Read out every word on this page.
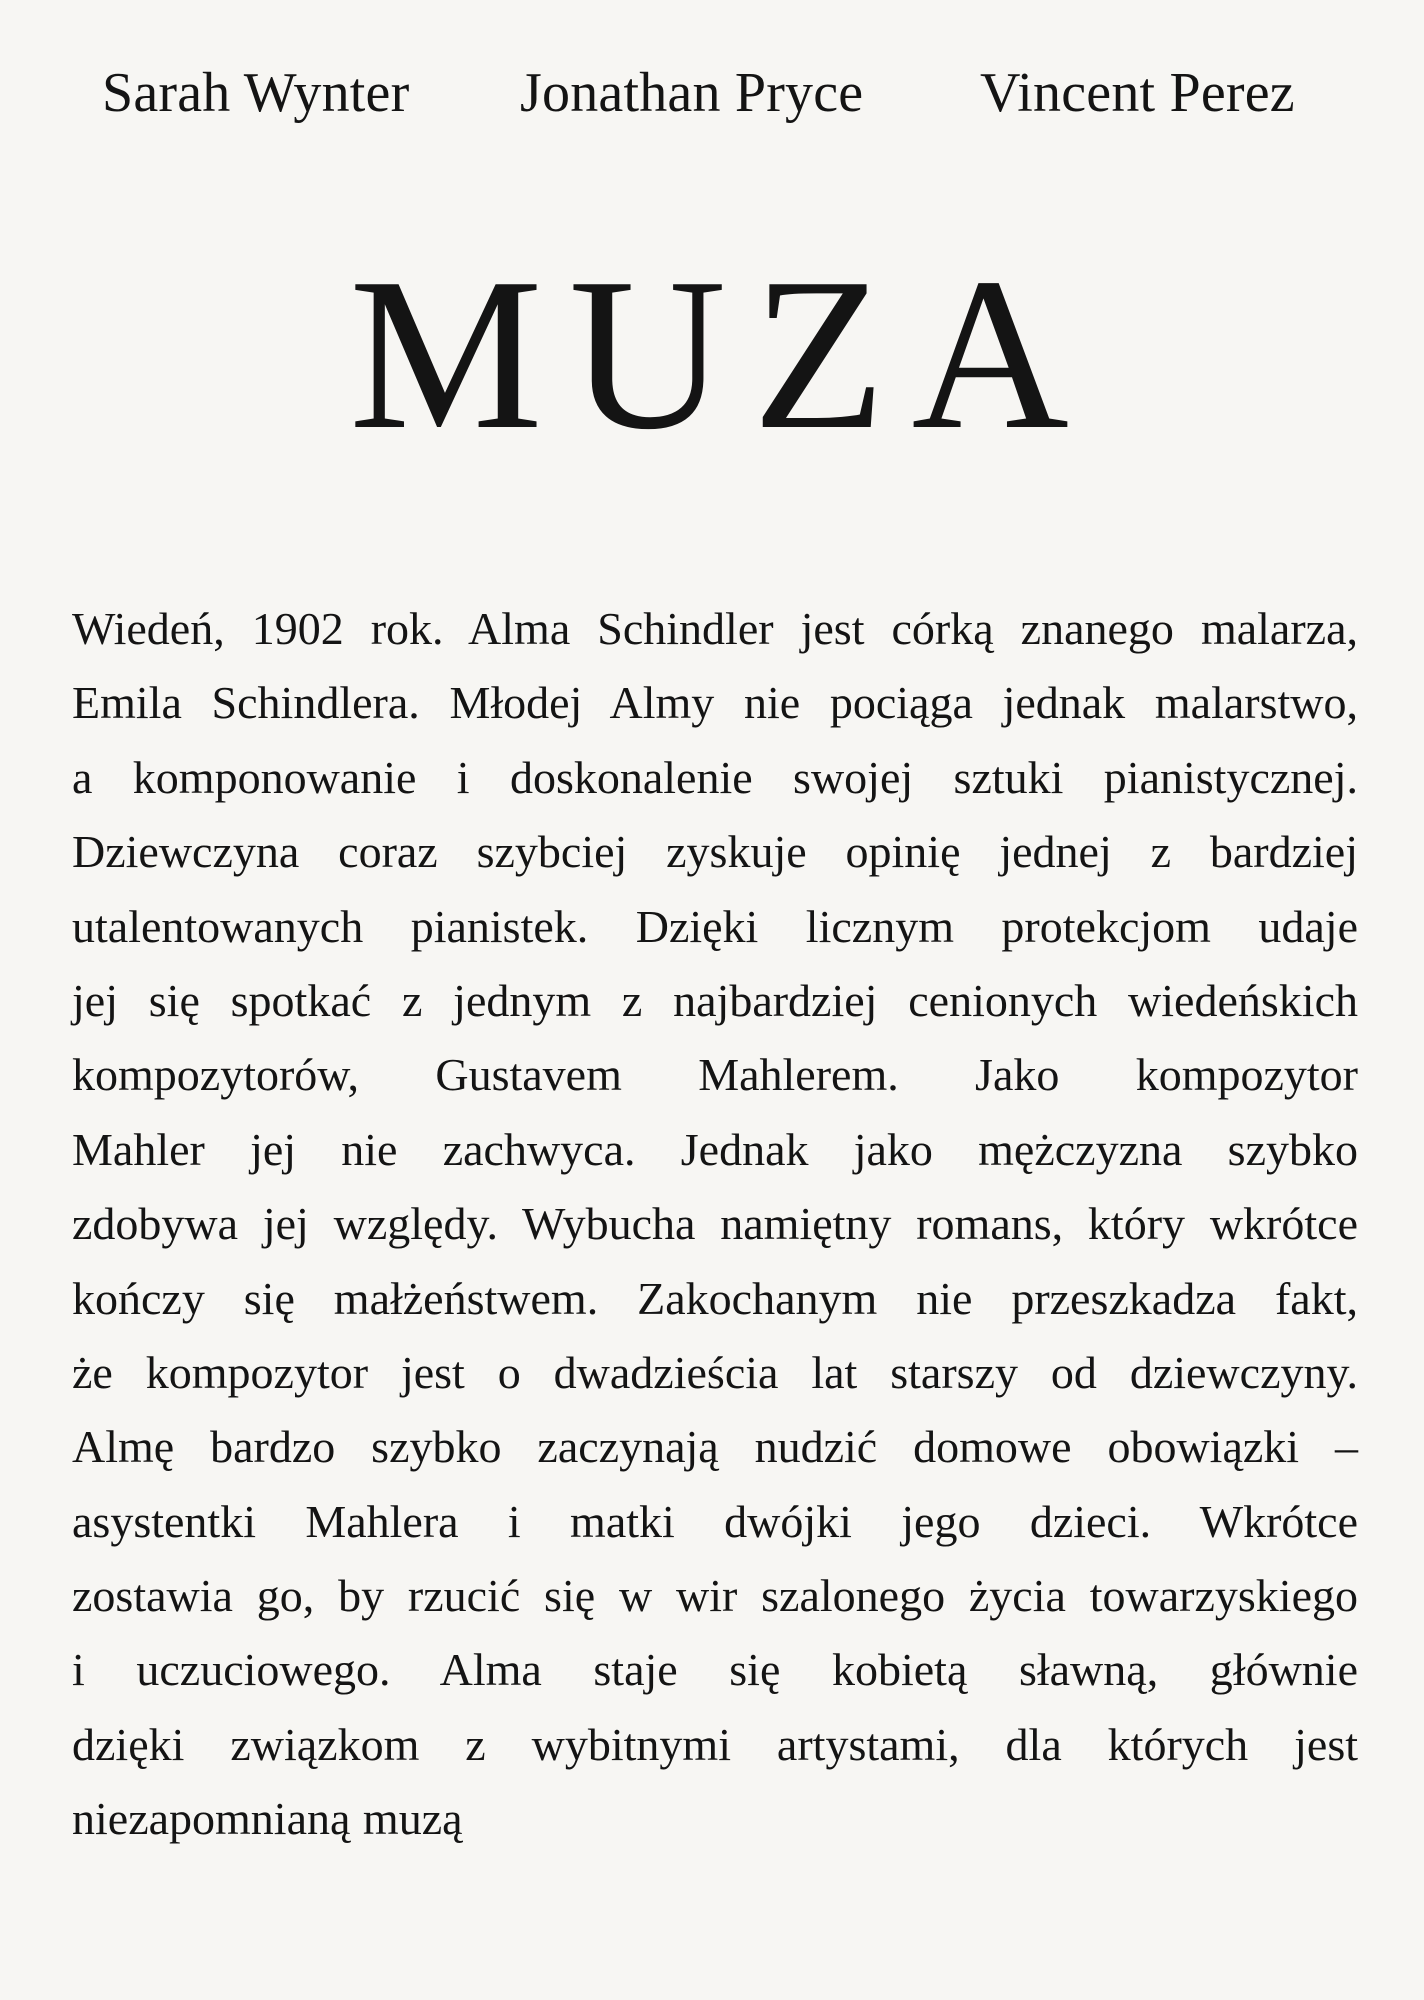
Sarah Wynter Jonathan Pryce Vincent Perez
MUZA
Wiedeń, 1902 rok. Alma Schindler jest córką znanego malarza,
Emila Schindlera. Młodej Almy nie pociąga jednak malarstwo,
a komponowanie i doskonalenie swojej sztuki pianistycznej.
Dziewczyna coraz szybciej zyskuje opinię jednej z bardziej
utalentowanych pianistek. Dzięki licznym protekcjom udaje
jej się spotkać z jednym z najbardziej cenionych wiedeńskich
kompozytorów, Gustavem Mahlerem. Jako kompozytor
Mahler jej nie zachwyca. Jednak jako mężczyzna szybko
zdobywa jej względy. Wybucha namiętny romans, który wkrótce
kończy się małżeństwem. Zakochanym nie przeszkadza fakt,
że kompozytor jest o dwadzieścia lat starszy od dziewczyny.
Almę bardzo szybko zaczynają nudzić domowe obowiązki –
asystentki Mahlera i matki dwójki jego dzieci. Wkrótce
zostawia go, by rzucić się w wir szalonego życia towarzyskiego
i uczuciowego. Alma staje się kobietą sławną, głównie
dzięki związkom z wybitnymi artystami, dla których jest
niezapomnianą muzą
